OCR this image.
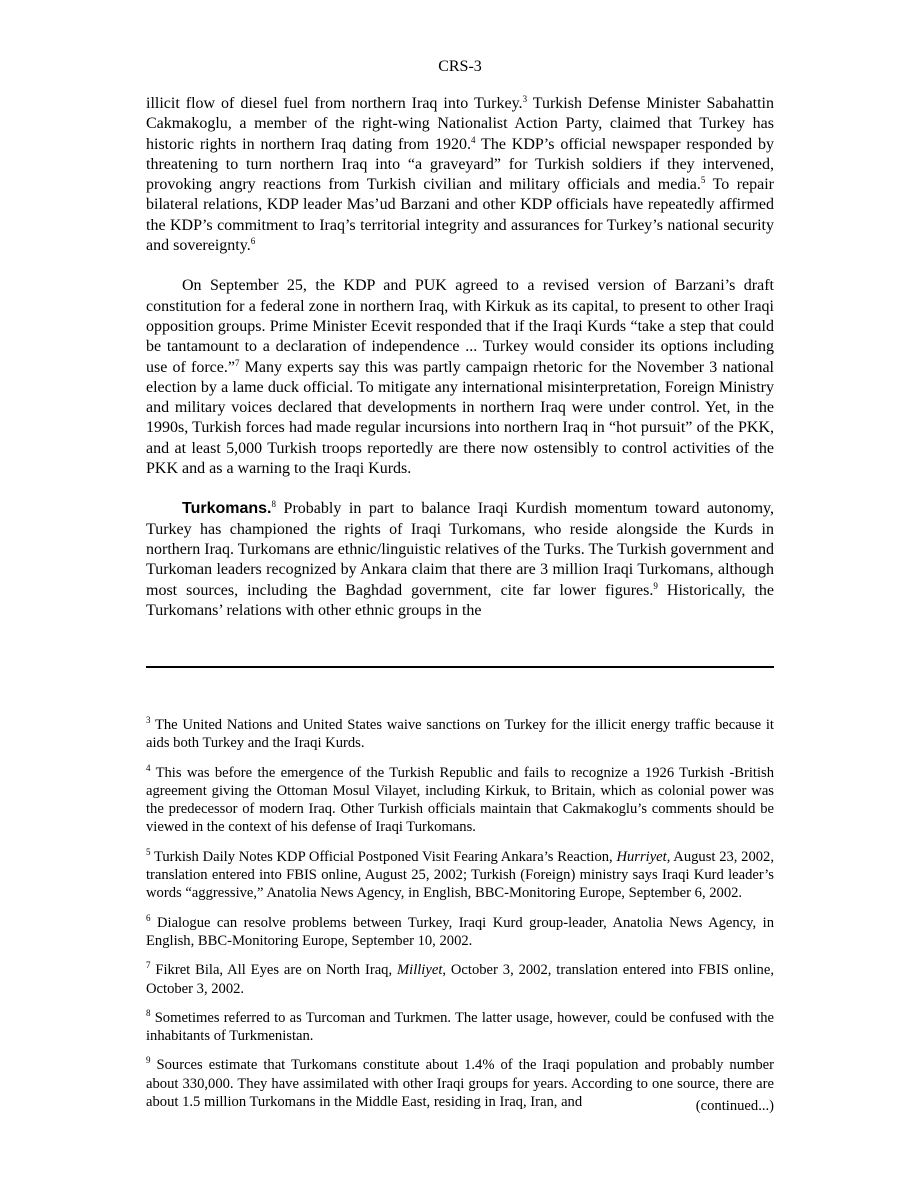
CRS-3

illicit flow of diesel fuel from northern Iraq into Turkey.$^3$ Turkish Defense Minister Sabahattin Cakmakoglu, a member of the right-wing Nationalist Action Party, claimed that Turkey has historic rights in northern Iraq dating from 1920.$^4$ The KDP’s official newspaper responded by threatening to turn northern Iraq into “a graveyard” for Turkish soldiers if they intervened, provoking angry reactions from Turkish civilian and military officials and media.$^5$ To repair bilateral relations, KDP leader Mas’ud Barzani and other KDP officials have repeatedly affirmed the KDP’s commitment to Iraq’s territorial integrity and assurances for Turkey’s national security and sovereignty.$^6$

On September 25, the KDP and PUK agreed to a revised version of Barzani’s draft constitution for a federal zone in northern Iraq, with Kirkuk as its capital, to present to other Iraqi opposition groups. Prime Minister Ecevit responded that if the Iraqi Kurds “take a step that could be tantamount to a declaration of independence ... Turkey would consider its options including use of force.”$^7$ Many experts say this was partly campaign rhetoric for the November 3 national election by a lame duck official. To mitigate any international misinterpretation, Foreign Ministry and military voices declared that developments in northern Iraq were under control. Yet, in the 1990s, Turkish forces had made regular incursions into northern Iraq in “hot pursuit” of the PKK, and at least 5,000 Turkish troops reportedly are there now ostensibly to control activities of the PKK and as a warning to the Iraqi Kurds.

Turkomans.$^8$ Probably in part to balance Iraqi Kurdish momentum toward autonomy, Turkey has championed the rights of Iraqi Turkomans, who reside alongside the Kurds in northern Iraq. Turkomans are ethnic/linguistic relatives of the Turks. The Turkish government and Turkoman leaders recognized by Ankara claim that there are 3 million Iraqi Turkomans, although most sources, including the Baghdad government, cite far lower figures.$^9$ Historically, the Turkomans’ relations with other ethnic groups in the

$^3$ The United Nations and United States waive sanctions on Turkey for the illicit energy traffic because it aids both Turkey and the Iraqi Kurds.
$^4$ This was before the emergence of the Turkish Republic and fails to recognize a 1926 Turkish -British agreement giving the Ottoman Mosul Vilayet, including Kirkuk, to Britain, which as colonial power was the predecessor of modern Iraq. Other Turkish officials maintain that Cakmakoglu’s comments should be viewed in the context of his defense of Iraqi Turkomans.
$^5$ Turkish Daily Notes KDP Official Postponed Visit Fearing Ankara’s Reaction, Hurriyet, August 23, 2002, translation entered into FBIS online, August 25, 2002; Turkish (Foreign) ministry says Iraqi Kurd leader’s words “aggressive,” Anatolia News Agency, in English, BBC-Monitoring Europe, September 6, 2002.
$^6$ Dialogue can resolve problems between Turkey, Iraqi Kurd group-leader, Anatolia News Agency, in English, BBC-Monitoring Europe, September 10, 2002.
$^7$ Fikret Bila, All Eyes are on North Iraq, Milliyet, October 3, 2002, translation entered into FBIS online, October 3, 2002.
$^8$ Sometimes referred to as Turcoman and Turkmen. The latter usage, however, could be confused with the inhabitants of Turkmenistan.
$^9$ Sources estimate that Turkomans constitute about 1.4% of the Iraqi population and probably number about 330,000. They have assimilated with other Iraqi groups for years. According to one source, there are about 1.5 million Turkomans in the Middle East, residing in Iraq, Iran, and	(continued...)
